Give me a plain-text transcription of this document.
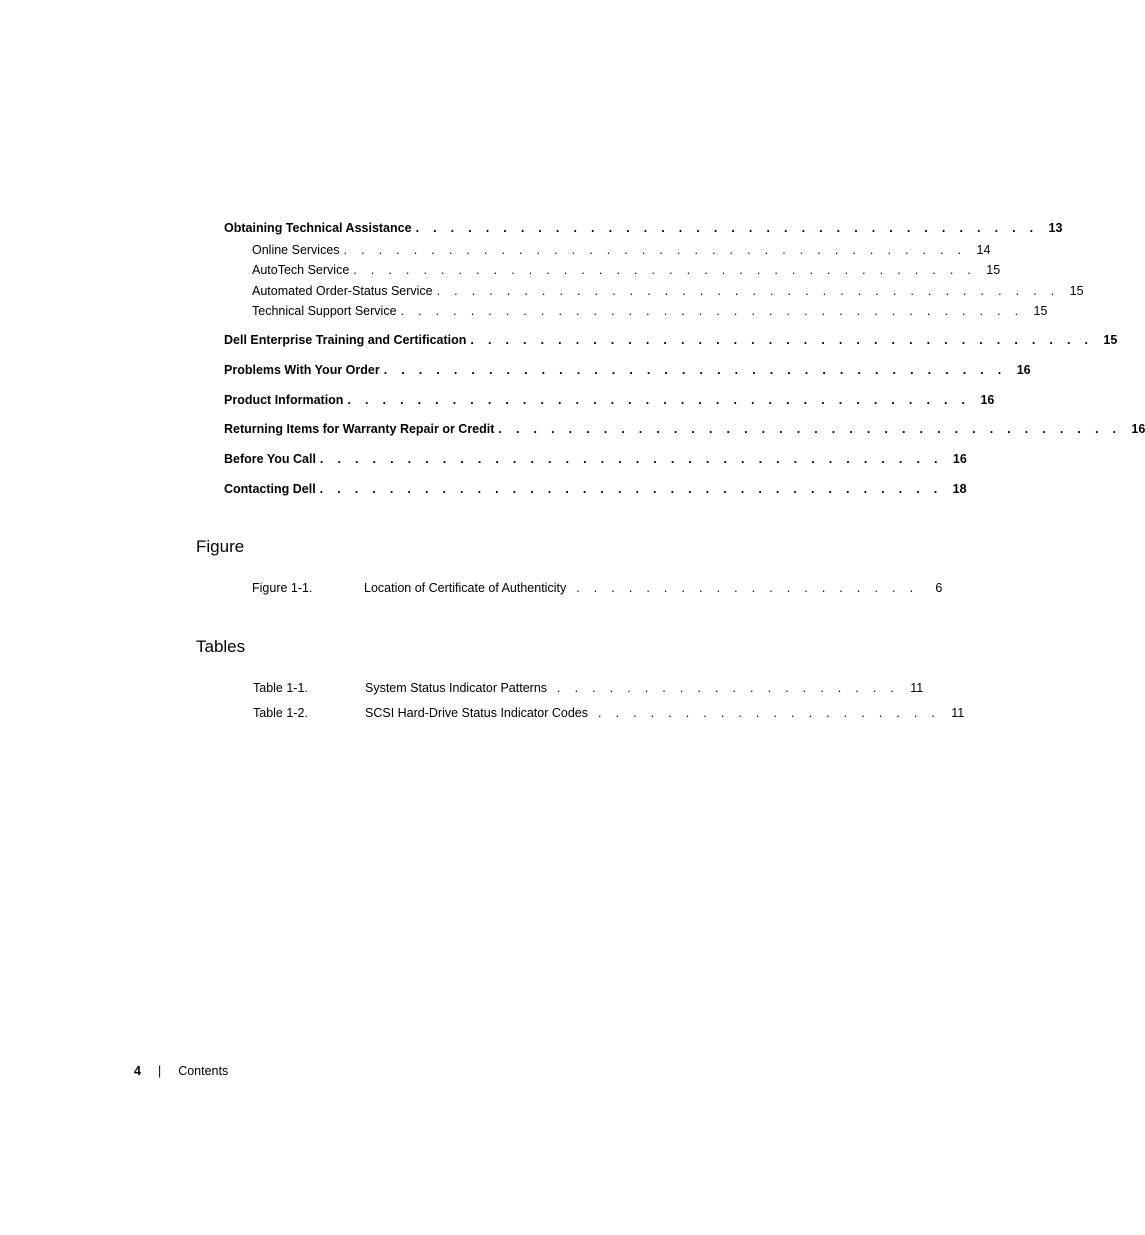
Obtaining Technical Assistance . . . . . . . . . . . . . . . . . . . . . . . . . . . . . . . . . . . . 13
Online Services . . . . . . . . . . . . . . . . . . . . . . . . . . . . . . . . . . . . 14
AutoTech Service . . . . . . . . . . . . . . . . . . . . . . . . . . . . . . . . . . . . 15
Automated Order-Status Service . . . . . . . . . . . . . . . . . . . . . . . . . . . . . . . . . . . . 15
Technical Support Service . . . . . . . . . . . . . . . . . . . . . . . . . . . . . . . . . . . . 15
Dell Enterprise Training and Certification . . . . . . . . . . . . . . . . . . . . . . . . . . . . . . . . . . . . 15
Problems With Your Order . . . . . . . . . . . . . . . . . . . . . . . . . . . . . . . . . . . . 16
Product Information . . . . . . . . . . . . . . . . . . . . . . . . . . . . . . . . . . . . 16
Returning Items for Warranty Repair or Credit . . . . . . . . . . . . . . . . . . . . . . . . . . . . . . . . . . . . 16
Before You Call . . . . . . . . . . . . . . . . . . . . . . . . . . . . . . . . . . . . 16
Contacting Dell . . . . . . . . . . . . . . . . . . . . . . . . . . . . . . . . . . . . 18
Figure
Figure 1-1.	Location of Certificate of Authenticity . . . . . . . . . . . . . . . . . . . .	6
Tables
Table 1-1.	System Status Indicator Patterns . . . . . . . . . . . . . . . . . . . . 11
Table 1-2.	SCSI Hard-Drive Status Indicator Codes . . . . . . . . . . . . . . . . . . . . 11
4 | Contents
